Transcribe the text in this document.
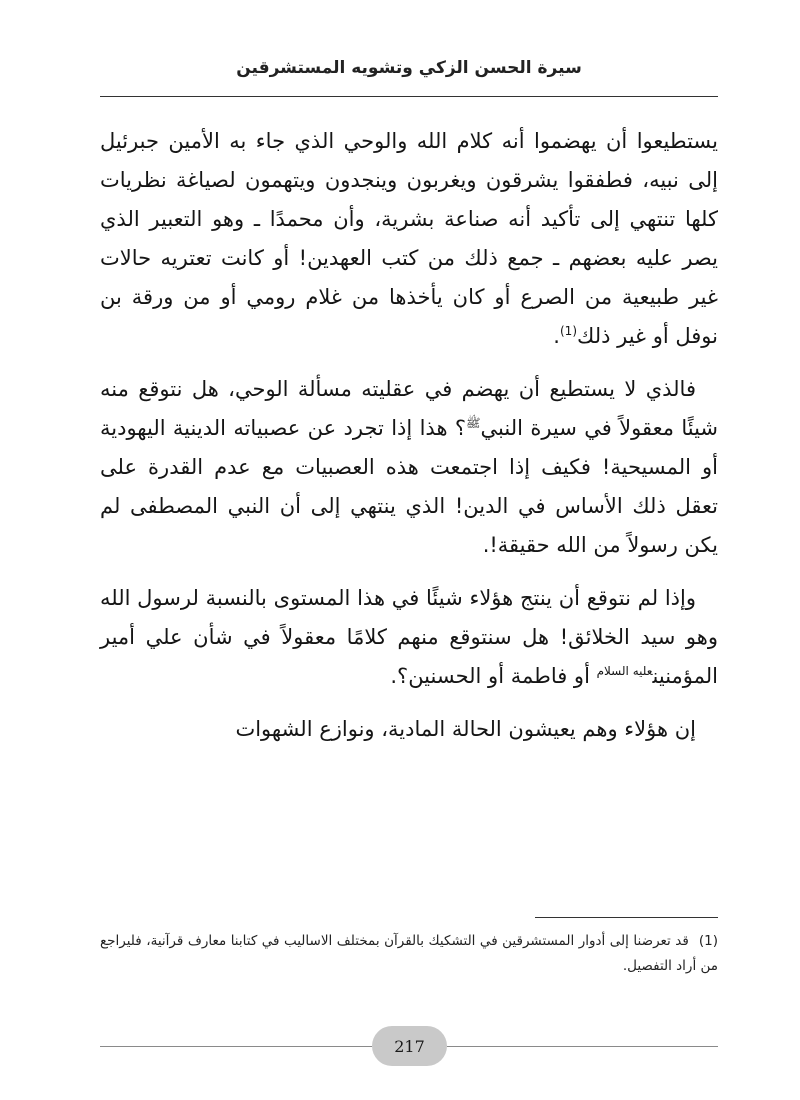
سيرة الحسن الزكي وتشويه المستشرقين

يستطيعوا أن يهضموا أنه كلام الله والوحي الذي جاء به الأمين جبرئيل إلى نبيه، فطفقوا يشرقون ويغربون وينجدون ويتهمون لصياغة نظريات كلها تنتهي إلى تأكيد أنه صناعة بشرية، وأن محمدًا ـ وهو التعبير الذي يصر عليه بعضهم ـ جمع ذلك من كتب العهدين! أو كانت تعتريه حالات غير طبيعية من الصرع أو كان يأخذها من غلام رومي أو من ورقة بن نوفل أو غير ذلك$^{(1)}$.

فالذي لا يستطيع أن يهضم في عقليته مسألة الوحي، هل نتوقع منه شيئًا معقولاً في سيرة النبي$^ﷺ$؟ هذا إذا تجرد عن عصبياته الدينية اليهودية أو المسيحية! فكيف إذا اجتمعت هذه العصبيات مع عدم القدرة على تعقل ذلك الأساس في الدين! الذي ينتهي إلى أن النبي المصطفى لم يكن رسولاً من الله حقيقة!.

وإذا لم نتوقع أن ينتج هؤلاء شيئًا في هذا المستوى بالنسبة لرسول الله وهو سيد الخلائق! هل سنتوقع منهم كلامًا معقولاً في شأن علي أمير المؤمنين$^{عليه السلام}$ أو فاطمة أو الحسنين؟.

إن هؤلاء وهم يعيشون الحالة المادية، ونوازع الشهوات

(1)قد تعرضنا إلى أدوار المستشرقين في التشكيك بالقرآن بمختلف الاساليب في كتابنا معارف قرآنية، فليراجع من أراد التفصيل.
217
